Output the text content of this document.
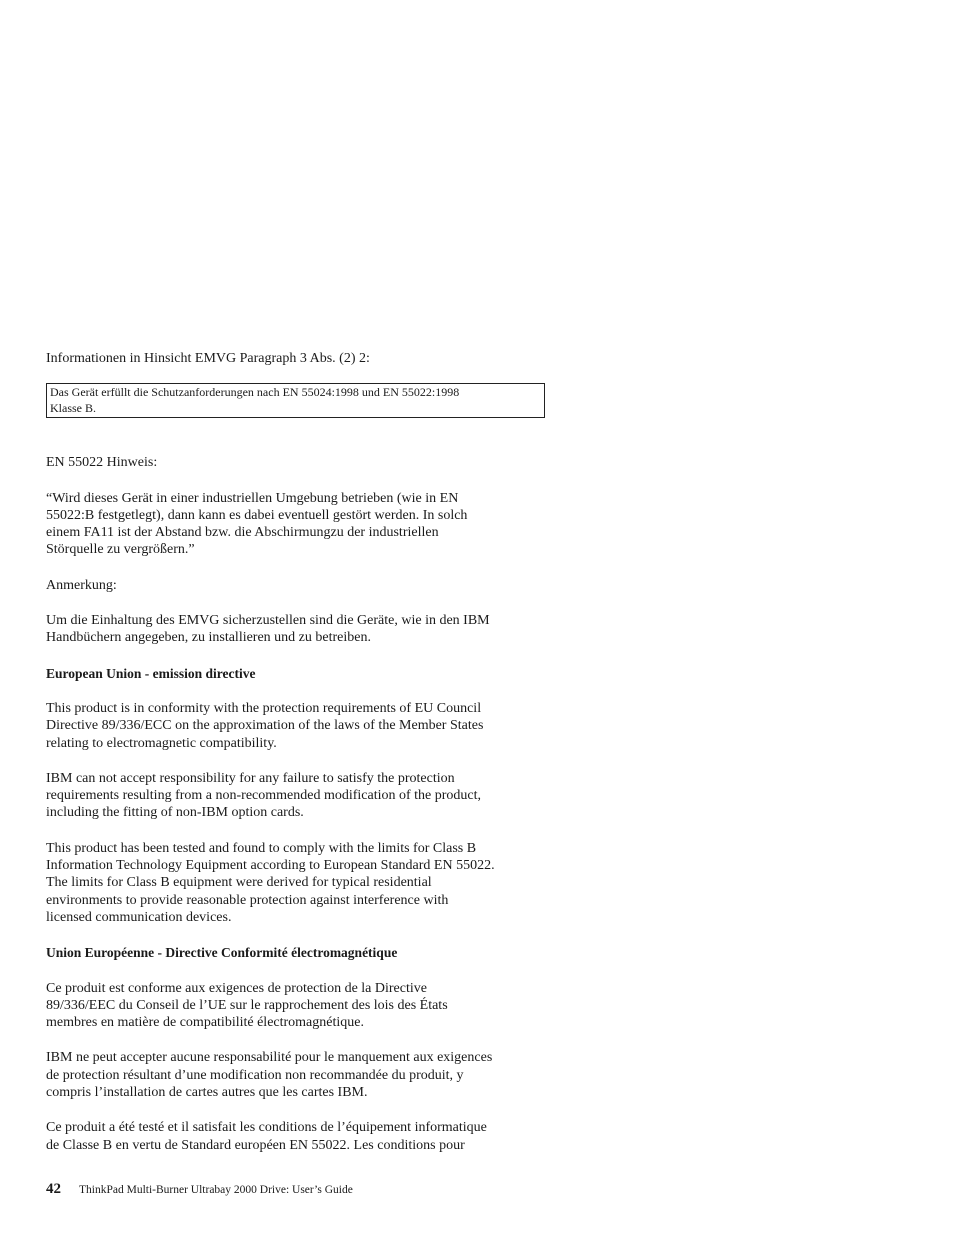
Informationen in Hinsicht EMVG Paragraph 3 Abs. (2) 2:

Das Gerät erfüllt die Schutzanforderungen nach EN 55024:1998 und EN 55022:1998
Klasse B.

EN 55022 Hinweis:

“Wird dieses Gerät in einer industriellen Umgebung betrieben (wie in EN
55022:B festgetlegt), dann kann es dabei eventuell gestört werden. In solch
einem FA11 ist der Abstand bzw. die Abschirmungzu der industriellen
Störquelle zu vergrößern.”

Anmerkung:

Um die Einhaltung des EMVG sicherzustellen sind die Geräte, wie in den IBM
Handbüchern angegeben, zu installieren und zu betreiben.

European Union - emission directive

This product is in conformity with the protection requirements of EU Council
Directive 89/336/ECC on the approximation of the laws of the Member States
relating to electromagnetic compatibility.

IBM can not accept responsibility for any failure to satisfy the protection
requirements resulting from a non-recommended modification of the product,
including the fitting of non-IBM option cards.

This product has been tested and found to comply with the limits for Class B
Information Technology Equipment according to European Standard EN 55022.
The limits for Class B equipment were derived for typical residential
environments to provide reasonable protection against interference with
licensed communication devices.

Union Européenne - Directive Conformité électromagnétique

Ce produit est conforme aux exigences de protection de la Directive
89/336/EEC du Conseil de l’UE sur le rapprochement des lois des États
membres en matière de compatibilité électromagnétique.

IBM ne peut accepter aucune responsabilité pour le manquement aux exigences
de protection résultant d’une modification non recommandée du produit, y
compris l’installation de cartes autres que les cartes IBM.

Ce produit a été testé et il satisfait les conditions de l’équipement informatique
de Classe B en vertu de Standard européen EN 55022. Les conditions pour

42 ThinkPad Multi-Burner Ultrabay 2000 Drive: User’s Guide
